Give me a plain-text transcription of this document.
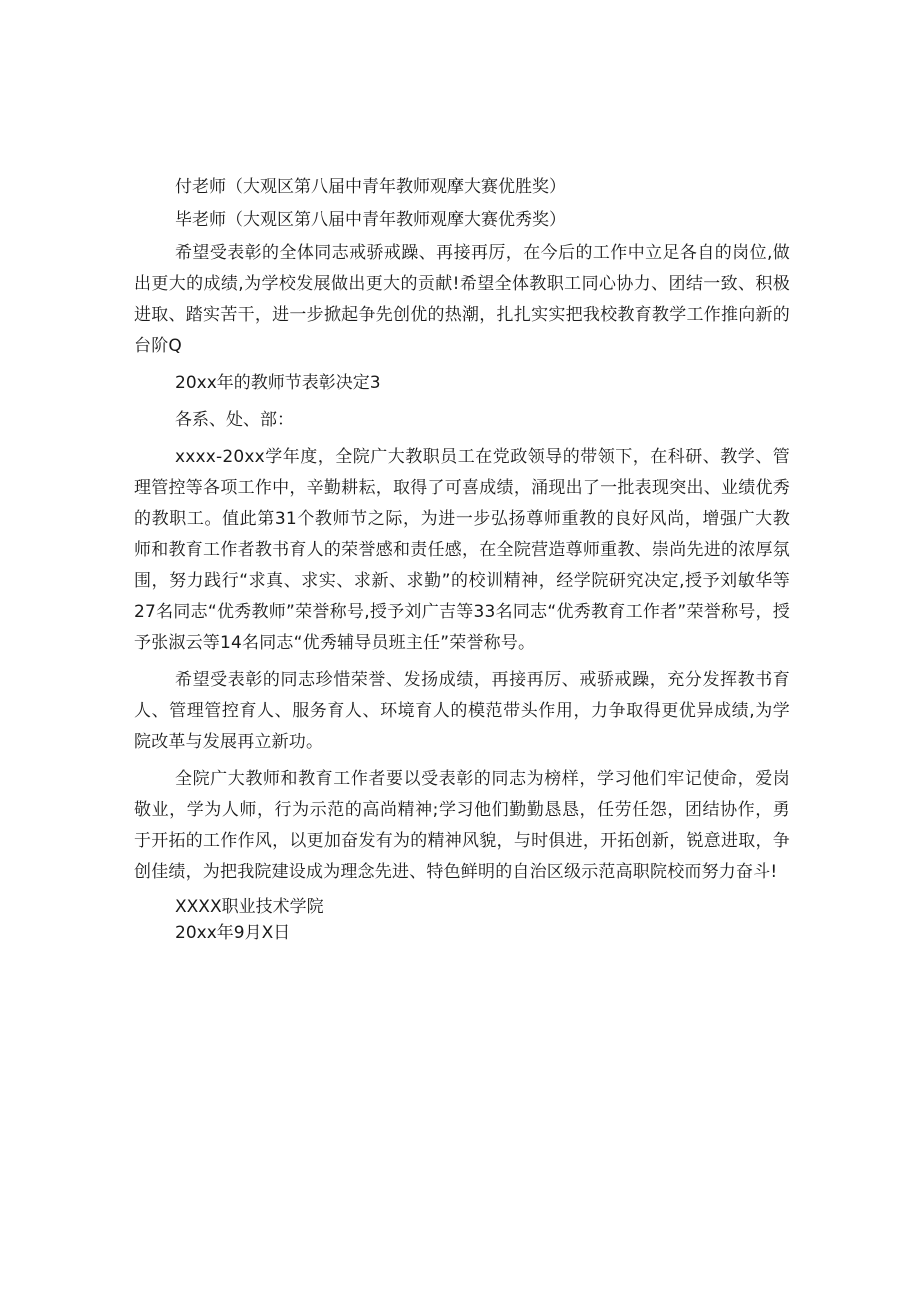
付老师（大观区第八届中青年教师观摩大赛优胜奖）

毕老师（大观区第八届中青年教师观摩大赛优秀奖）

希望受表彰的全体同志戒骄戒躁、再接再厉，在今后的工作中立足各自的岗位,做出更大的成绩,为学校发展做出更大的贡献!希望全体教职工同心协力、团结一致、积极进取、踏实苦干，进一步掀起争先创优的热潮，扎扎实实把我校教育教学工作推向新的台阶Q

20xx年的教师节表彰决定3

各系、处、部：

xxxx-20xx学年度，全院广大教职员工在党政领导的带领下，在科研、教学、管理管控等各项工作中，辛勤耕耘，取得了可喜成绩，涌现出了一批表现突出、业绩优秀的教职工。值此第31个教师节之际，为进一步弘扬尊师重教的良好风尚，增强广大教师和教育工作者教书育人的荣誉感和责任感，在全院营造尊师重教、崇尚先进的浓厚氛围，努力践行“求真、求实、求新、求勤”的校训精神，经学院研究决定,授予刘敏华等27名同志“优秀教师”荣誉称号,授予刘广吉等33名同志“优秀教育工作者”荣誉称号，授予张淑云等14名同志“优秀辅导员班主任”荣誉称号。

希望受表彰的同志珍惜荣誉、发扬成绩，再接再厉、戒骄戒躁，充分发挥教书育人、管理管控育人、服务育人、环境育人的模范带头作用，力争取得更优异成绩,为学院改革与发展再立新功。

全院广大教师和教育工作者要以受表彰的同志为榜样，学习他们牢记使命，爱岗敬业，学为人师，行为示范的高尚精神;学习他们勤勤恳恳，任劳任怨，团结协作，勇于开拓的工作作风，以更加奋发有为的精神风貌，与时俱进，开拓创新，锐意进取，争创佳绩，为把我院建设成为理念先进、特色鲜明的自治区级示范高职院校而努力奋斗!

XXXX职业技术学院

20xx年9月X日
